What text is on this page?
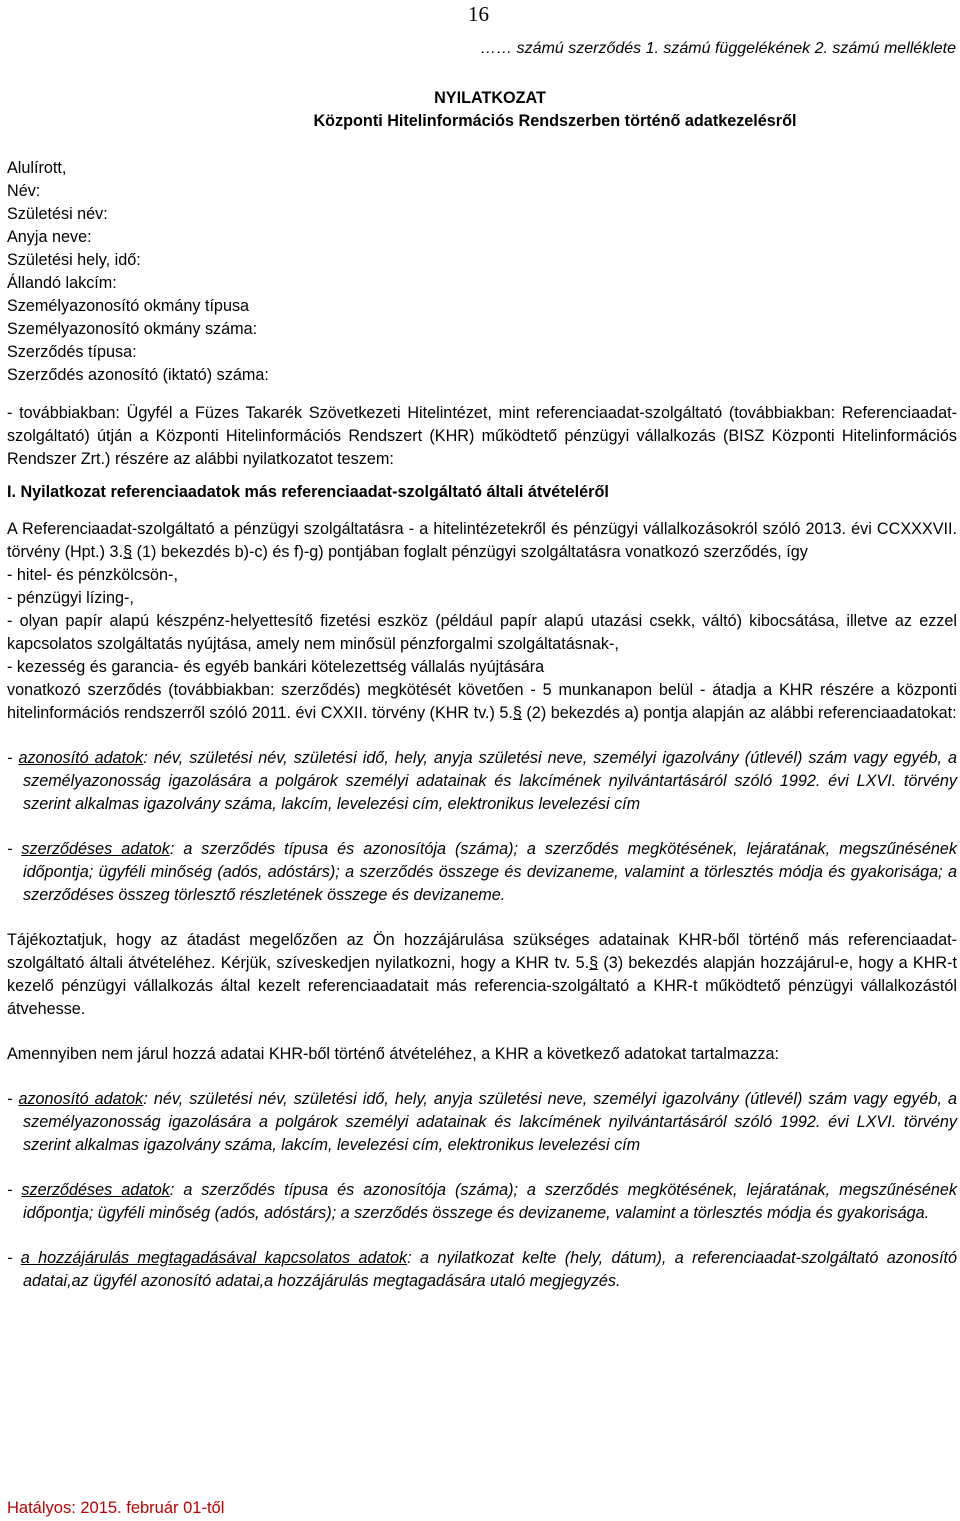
16
…… számú szerződés 1. számú függelékének 2. számú melléklete
NYILATKOZAT
Központi Hitelinformációs Rendszerben történő adatkezelésről
Alulírott,
Név:
Születési név:
Anyja neve:
Születési hely, idő:
Állandó lakcím:
Személyazonosító okmány típusa
Személyazonosító okmány száma:
Szerződés típusa:
Szerződés azonosító (iktató) száma:

- továbbiakban: Ügyfél a Füzes Takarék Szövetkezeti Hitelintézet, mint referenciaadat-szolgáltató (továbbiakban: Referenciaadat-szolgáltató) útján a Központi Hitelinformációs Rendszert (KHR) működtető pénzügyi vállalkozás (BISZ Központi Hitelinformációs Rendszer Zrt.) részére az alábbi nyilatkozatot teszem:

I. Nyilatkozat referenciaadatok más referenciaadat-szolgáltató általi átvételéről

A Referenciaadat-szolgáltató a pénzügyi szolgáltatásra - a hitelintézetekről és pénzügyi vállalkozásokról szóló 2013. évi CCXXXVII. törvény (Hpt.) 3.§ (1) bekezdés b)-c) és f)-g) pontjában foglalt pénzügyi szolgáltatásra vonatkozó szerződés, így

- hitel- és pénzkölcsön-,

- pénzügyi lízing-,

- olyan papír alapú készpénz-helyettesítő fizetési eszköz (például papír alapú utazási csekk, váltó) kibocsátása, illetve az ezzel kapcsolatos szolgáltatás nyújtása, amely nem minősül pénzforgalmi szolgáltatásnak-,

- kezesség és garancia- és egyéb bankári kötelezettség vállalás nyújtására

vonatkozó szerződés (továbbiakban: szerződés) megkötését követően - 5 munkanapon belül - átadja a KHR részére a központi hitelinformációs rendszerről szóló 2011. évi CXXII. törvény (KHR tv.) 5.§ (2) bekezdés a) pontja alapján az alábbi referenciaadatokat:

- azonosító adatok: név, születési név, születési idő, hely, anyja születési neve, személyi igazolvány (útlevél) szám vagy egyéb, a személyazonosság igazolására a polgárok személyi adatainak és lakcímének nyilvántartásáról szóló 1992. évi LXVI. törvény szerint alkalmas igazolvány száma, lakcím, levelezési cím, elektronikus levelezési cím

- szerződéses adatok: a szerződés típusa és azonosítója (száma); a szerződés megkötésének, lejáratának, megszűnésének időpontja; ügyféli minőség (adós, adóstárs); a szerződés összege és devizaneme, valamint a törlesztés módja és gyakorisága; a szerződéses összeg törlesztő részletének összege és devizaneme.

Tájékoztatjuk, hogy az átadást megelőzően az Ön hozzájárulása szükséges adatainak KHR-ből történő más referenciaadat-szolgáltató általi átvételéhez. Kérjük, szíveskedjen nyilatkozni, hogy a KHR tv. 5.§ (3) bekezdés alapján hozzájárul-e, hogy a KHR-t kezelő pénzügyi vállalkozás által kezelt referenciaadatait más referencia-szolgáltató a KHR-t működtető pénzügyi vállalkozástól átvehesse.

Amennyiben nem járul hozzá adatai KHR-ből történő átvételéhez, a KHR a következő adatokat tartalmazza:

- azonosító adatok: név, születési név, születési idő, hely, anyja születési neve, személyi igazolvány (útlevél) szám vagy egyéb, a személyazonosság igazolására a polgárok személyi adatainak és lakcímének nyilvántartásáról szóló 1992. évi LXVI. törvény szerint alkalmas igazolvány száma, lakcím, levelezési cím, elektronikus levelezési cím

- szerződéses adatok: a szerződés típusa és azonosítója (száma); a szerződés megkötésének, lejáratának, megszűnésének időpontja; ügyféli minőség (adós, adóstárs); a szerződés összege és devizaneme, valamint a törlesztés módja és gyakorisága.

- a hozzájárulás megtagadásával kapcsolatos adatok: a nyilatkozat kelte (hely, dátum), a referenciaadat-szolgáltató azonosító adatai,az ügyfél azonosító adatai,a hozzájárulás megtagadására utaló megjegyzés.

Hatályos: 2015. február 01-től
